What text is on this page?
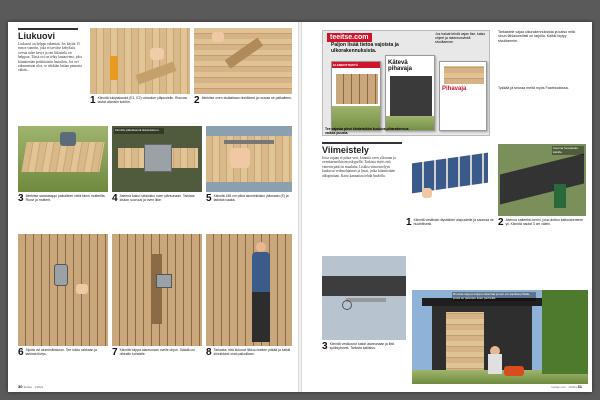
Liukuovi
Liukuovi on helppo rakentaa. Jos käytät 15 mm:n vanerin, joka ei tarvitse kehyksiä, ovesta tulee kevyt ja sen liikuttelu on helppoa. Tässä ovi on tehty lautaovena, joka kiinnitetään poikittaisiin lautoihin. Jos ovi rakennetaan ulos, se tehdään lattian pinnasta vähän...
1 Kiinnitä tukiylakaulot (E1, E2) oviaukon yläpuolelle. Ruuvaa lautat oikeisiin kohtiin.	2 Merkitse oven sisälaitaan rinnikkeet ja ruuvaa ne paikalleen.
Kiinnitä ylätukiseinä liukukiskoon.
3 Merkitse saranatappi paikalleen vielä kiinni mutterilla. Ruuvi ja mutterit.	4 Asenna kaksi rullalukko oven yläreunaan. Tarkista kiskon suoruus ja oven liike.	5 Kiinnitä 185 cm pitkä alumiinikisko yläosaan (E) ja tarkista vaaka.
6 Sijoita ovi alumiinikiskoon. Tee lukko rahkaan ja tarkista tiiviys.	7 Kiinnitä tolppa alareunaan ovelle ohjuri. Säädä ovi oikealle kohdalle.	8 Tarkasta, että liukuovi liikkuu kaiken pitkää ja kaikki kiinnikkeet ovat paikoillaan.
30 Teeltse · 1/2021
teeitse.com
Paljon lisää tietoa vajoista ja ulkorakennuksista.
ELEMENTTEISTÄ	Kätevä pihavaja
Pihavaja
Jos haluat tehdä vajan itse, katso ohjeet ja rakennusvinkit sivuiltamme.
Tee vajasta pieni kiinteistöön kuuluva piharakennus vaikka puusta.
Tarkastele vajaa ulkorakennuksista ja katso mitä sinun lähialueellasi on tarjolla. Kaikki löytyy sivuiltamme.
Tykkää ja seuraa meitä myös Facebookissa.
Viimeistely
Jotta vajaan ei pääse vesi, kiinnitä oven yläosaan ja ovenkarmeihin myrskypellit. Tarkista myös että vanerin päät on maalattu. Lisäksi viimeistelyyn kuuluvat vedenohjaimet ja listat, jotka kiinnitetään ulkopintaan. Katto kannattaa tehdä huolella.
Asenna huopakate katolle.
1 Kiinnitä vesilistat räystäiden alapuolelle ja saumaa ne huolellisesti.	2 Asenna katteeksi kermi, joka ulottuu kattorakenteen yli. Kiinnitä naulat 3 cm välein.
3 Kiinnitä vesikourut katon alareunaan ja liitä syöksytorvet. Tarkista kallistus.
Ruuvaa vaja ja helppo rakentaa ja sen voi sijoittaa pihalle, jossa se palvelee koko perhettä.
teeitse.com · 1/2021 31
